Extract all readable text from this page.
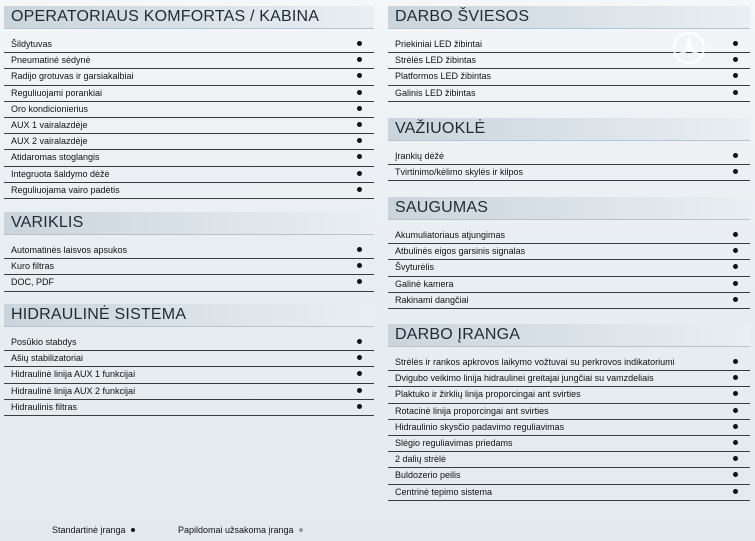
OPERATORIAUS KOMFORTAS / KABINA
Šildytuvas
Pneumatinė sėdynė
Radijo grotuvas ir garsiakalbiai
Reguliuojami porankiai
Oro kondicionierius
AUX 1 vairalazdėje
AUX 2 vairalazdėje
Atidaromas stoglangis
Integruota šaldymo dėžė
Reguliuojama vairo padėtis
VARIKLIS
Automatinės laisvos apsukos
Kuro filtras
DOC, PDF
HIDRAULINĖ SISTEMA
Posūkio stabdys
Ašių stabilizatoriai
Hidraulinė linija AUX 1 funkcijai
Hidraulinė linija AUX 2 funkcijai
Hidraulinis filtras
DARBO ŠVIESOS
Priekiniai LED žibintai
Strėlės LED žibintas
Platformos LED žibintas
Galinis LED žibintas
VAŽIUOKLĖ
Įrankių dėžė
Tvirtinimo/kėlimo skylės ir kilpos
SAUGUMAS
Akumuliatoriaus atjungimas
Atbulinės eigos garsinis signalas
Švyturėlis
Galinė kamera
Rakinami dangčiai
DARBO ĮRANGA
Strėlės ir rankos apkrovos laikymo vožtuvai su perkrovos indikatoriumi
Dvigubo veikimo linija hidraulinei greitajai jungčiai su vamzdeliais
Plaktuko ir žirklių linija proporcingai ant svirties
Rotacinė linija proporcingai ant svirties
Hidraulinio skysčio padavimo reguliavimas
Slėgio reguliavimas priedams
2 dalių strėlė
Buldozerio peilis
Centrinė tepimo sistema
Standartinė įranga	Papildomai užsakoma įranga
